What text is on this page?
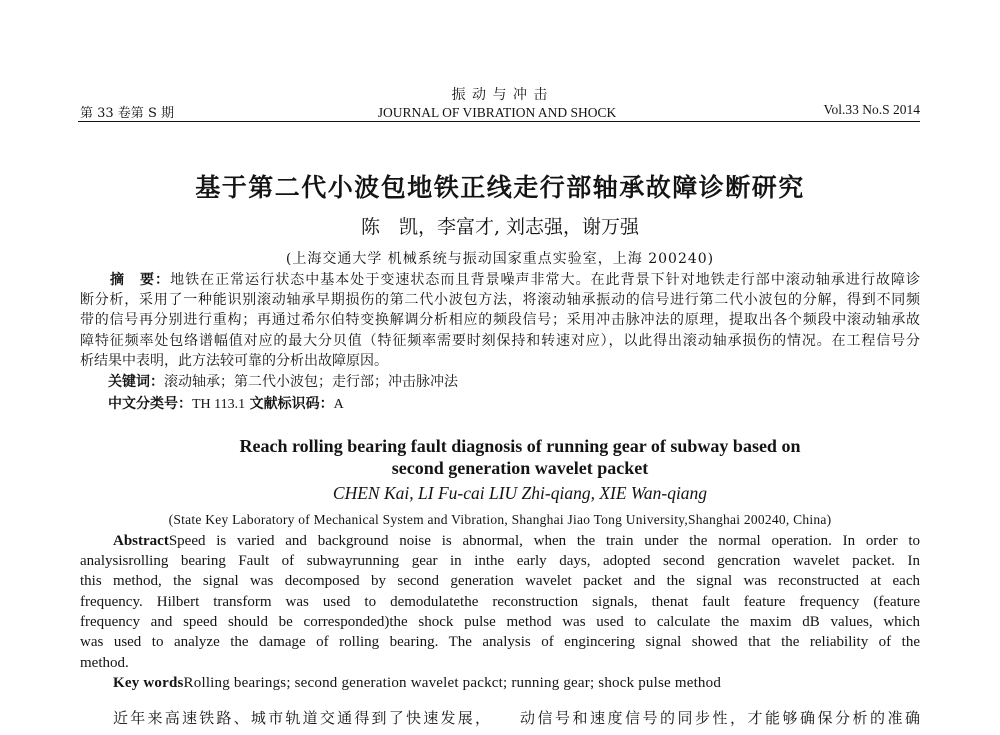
振 动 与 冲 击
第 33 卷第 S 期	JOURNAL OF VIBRATION AND SHOCK	Vol.33 No.S 2014
基于第二代小波包地铁正线走行部轴承故障诊断研究
陈　凯，李富才, 刘志强，谢万强
(上海交通大学 机械系统与振动国家重点实验室，上海 200240)
摘　要：地铁在正常运行状态中基本处于变速状态而且背景噪声非常大。在此背景下针对地铁走行部中滚动轴承进行故障诊
断分析，采用了一种能识别滚动轴承早期损伤的第二代小波包方法，将滚动轴承振动的信号进行第二代小波包的分解，得到不同频
带的信号再分别进行重构；再通过希尔伯特变换解调分析相应的频段信号；采用冲击脉冲法的原理，提取出各个频段中滚动轴承故
障特征频率处包络谱幅值对应的最大分贝值（特征频率需要时刻保持和转速对应），以此得出滚动轴承损伤的情况。在工程信号分
析结果中表明，此方法较可靠的分析出故障原因。
关键词：滚动轴承；第二代小波包；走行部；冲击脉冲法
中文分类号：TH 113.1 文献标识码：A
Reach rolling bearing fault diagnosis of running gear of subway based on
second generation wavelet packet
CHEN Kai, LI Fu-cai LIU Zhi-qiang, XIE Wan-qiang
(State Key Laboratory of Mechanical System and Vibration, Shanghai Jiao Tong University,Shanghai 200240, China)
AbstractSpeed is varied and background noise is abnormal, when the train under the normal operation. In order to
analysisrolling bearing Fault of subwayrunning gear in inthe early days, adopted second gencration wavelet packet. In
this method, the signal was decomposed by second generation wavelet packet and the signal was reconstructed at each
frequency. Hilbert transform was used to demodulatethe reconstruction signals, thenat fault feature frequency (feature
frequency and speed should be corresponded)the shock pulse method was used to calculate the maxim dB values, which
was used to analyze the damage of rolling bearing. The analysis of engincering signal showed that the reliability of the
method.
Key wordsRolling bearings; second generation wavelet packct; running gear; shock pulse method
近年来高速铁路、城市轨道交通得到了快速发展， 动信号和速度信号的同步性，才能够确保分析的准确
